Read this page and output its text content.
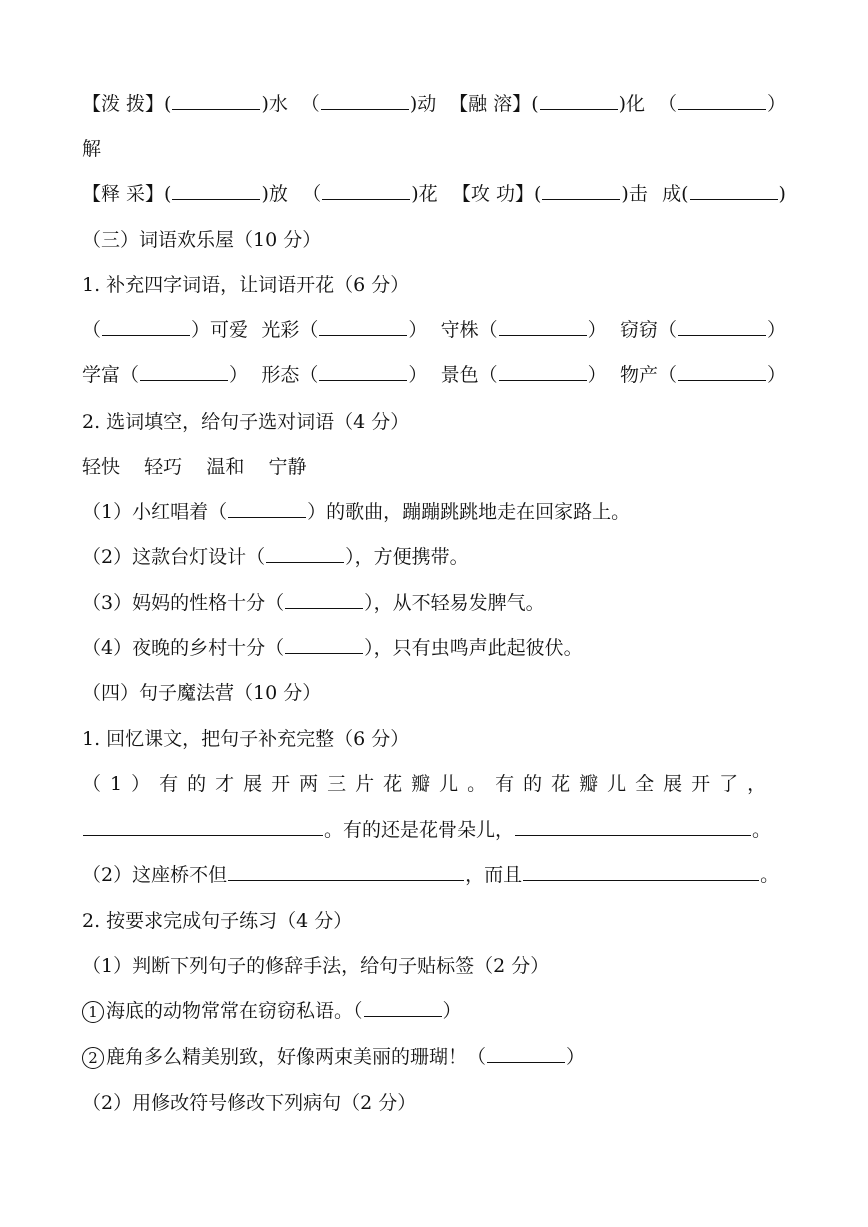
【泼 拨】(	)水 （	)动 【融 溶】(	)化 （	）
解
【释 采】(	)放 （	)花 【攻 功】(	)击 成(	)
（三）词语欢乐屋（10 分）
1. 补充四字词语，让词语开花（6 分）
（	）可爱 光彩（	） 守株（	） 窃窃（	）
学富（	） 形态（	） 景色（	） 物产（	）
2. 选词填空，给句子选对词语（4 分）
轻快    轻巧    温和    宁静
（1）小红唱着（	）的歌曲，蹦蹦跳跳地走在回家路上。
（2）这款台灯设计（	），方便携带。
（3）妈妈的性格十分（	），从不轻易发脾气。
（4）夜晚的乡村十分（	），只有虫鸣声此起彼伏。
（四）句子魔法营（10 分）
1. 回忆课文，把句子补充完整（6 分）
（1）有的才展开两三片花瓣儿。有的花瓣儿全展开了，
。有的还是花骨朵儿，	。
（2）这座桥不但	，而且	。
2. 按要求完成句子练习（4 分）
（1）判断下列句子的修辞手法，给句子贴标签（2 分）
1 海底的动物常常在窃窃私语。（	）
2 鹿角多么精美别致，好像两束美丽的珊瑚！（	）
（2）用修改符号修改下列病句（2 分）
